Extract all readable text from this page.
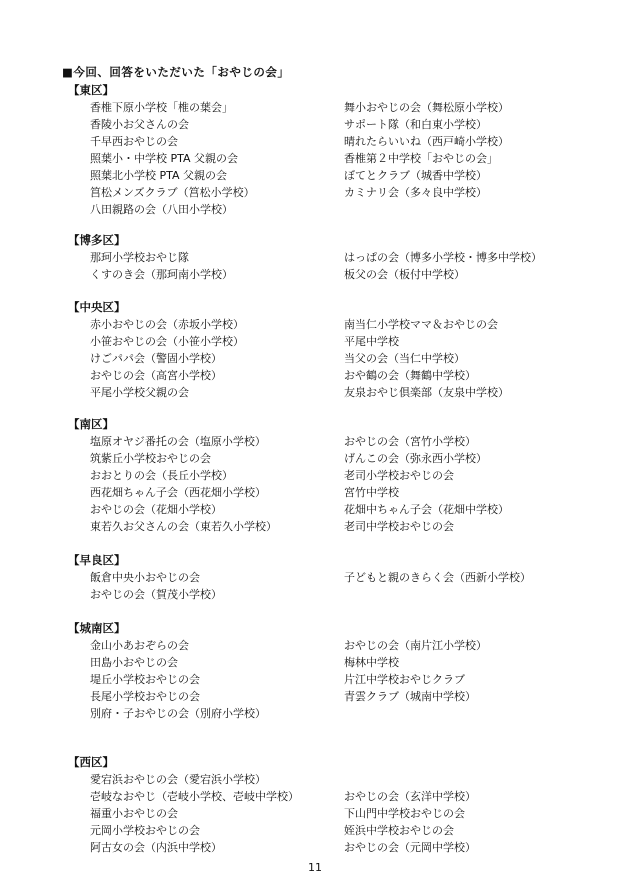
■今回、回答をいただいた「おやじの会」
【東区】
香椎下原小学校「椎の葉会」
香陵小お父さんの会
千早西おやじの会
照葉小・中学校 PTA 父親の会
照葉北小学校 PTA 父親の会
筥松メンズクラブ（筥松小学校）
八田親路の会（八田小学校）
舞小おやじの会（舞松原小学校）
サポート隊（和白東小学校）
晴れたらいいね（西戸崎小学校）
香椎第２中学校「おやじの会」
ぼてとクラブ（城香中学校）
カミナリ会（多々良中学校）
【博多区】
那珂小学校おやじ隊
くすのき会（那珂南小学校）
はっぱの会（博多小学校・博多中学校）
板父の会（板付中学校）
【中央区】
赤小おやじの会（赤坂小学校）
小笹おやじの会（小笹小学校）
けごパパ会（警固小学校）
おやじの会（高宮小学校）
平尾小学校父親の会
南当仁小学校ママ＆おやじの会
平尾中学校
当父の会（当仁中学校）
おや鶴の会（舞鶴中学校）
友泉おやじ倶楽部（友泉中学校）
【南区】
塩原オヤジ番托の会（塩原小学校）
筑紫丘小学校おやじの会
おおとりの会（長丘小学校）
西花畑ちゃん子会（西花畑小学校）
おやじの会（花畑小学校）
東若久お父さんの会（東若久小学校）
おやじの会（宮竹小学校）
げんこの会（弥永西小学校）
老司小学校おやじの会
宮竹中学校
花畑中ちゃん子会（花畑中学校）
老司中学校おやじの会
【早良区】
飯倉中央小おやじの会
おやじの会（賀茂小学校）
子どもと親のきらく会（西新小学校）
【城南区】
金山小あおぞらの会
田島小おやじの会
堤丘小学校おやじの会
長尾小学校おやじの会
別府・子おやじの会（別府小学校）
おやじの会（南片江小学校）
梅林中学校
片江中学校おやじクラブ
青雲クラブ（城南中学校）
【西区】
愛宕浜おやじの会（愛宕浜小学校）
壱岐なおやじ（壱岐小学校、壱岐中学校）
福重小おやじの会
元岡小学校おやじの会
阿古女の会（内浜中学校）
おやじの会（玄洋中学校）
下山門中学校おやじの会
姪浜中学校おやじの会
おやじの会（元岡中学校）
11
